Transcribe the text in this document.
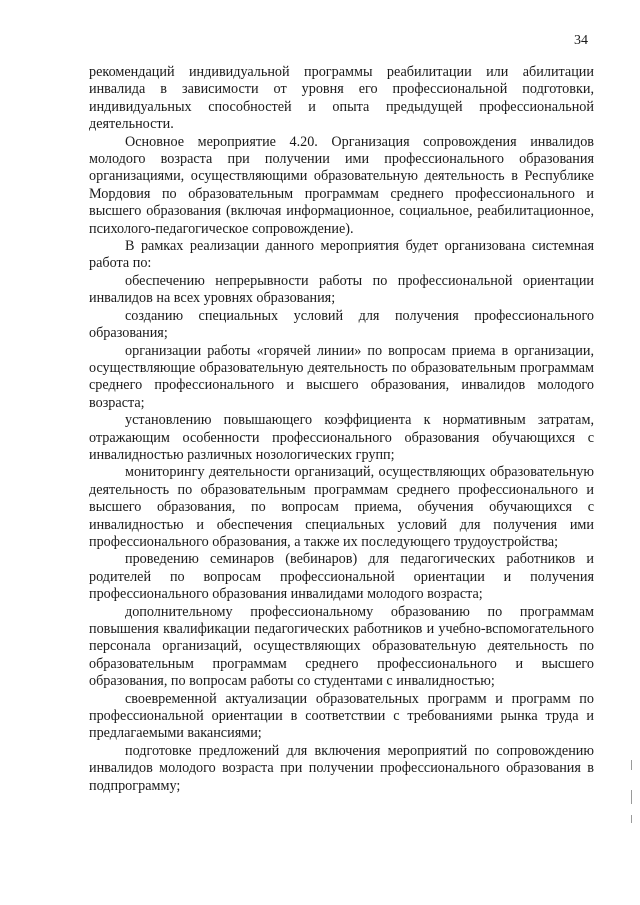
34

рекомендаций индивидуальной программы реабилитации или абилитации инвалида в зависимости от уровня его профессиональной подготовки, индивидуальных способностей и опыта предыдущей профессиональной деятельности.

Основное мероприятие 4.20. Организация сопровождения инвалидов молодого возраста при получении ими профессионального образования организациями, осуществляющими образовательную деятельность в Республике Мордовия по образовательным программам среднего профессионального и высшего образования (включая информационное, социальное, реабилитационное, психолого-педагогическое сопровождение).

В рамках реализации данного мероприятия будет организована системная работа по:

обеспечению непрерывности работы по профессиональной ориентации инвалидов на всех уровнях образования;

созданию специальных условий для получения профессионального образования;

организации работы «горячей линии» по вопросам приема в организации, осуществляющие образовательную деятельность по образовательным программам среднего профессионального и высшего образования, инвалидов молодого возраста;

установлению повышающего коэффициента к нормативным затратам, отражающим особенности профессионального образования обучающихся с инвалидностью различных нозологических групп;

мониторингу деятельности организаций, осуществляющих образовательную деятельность по образовательным программам среднего профессионального и высшего образования, по вопросам приема, обучения обучающихся с инвалидностью и обеспечения специальных условий для получения ими профессионального образования, а также их последующего трудоустройства;

проведению семинаров (вебинаров) для педагогических работников и родителей по вопросам профессиональной ориентации и получения профессионального образования инвалидами молодого возраста;

дополнительному профессиональному образованию по программам повышения квалификации педагогических работников и учебно-вспомогательного персонала организаций, осуществляющих образовательную деятельность по образовательным программам среднего профессионального и высшего образования, по вопросам работы со студентами с инвалидностью;

своевременной актуализации образовательных программ и программ по профессиональной ориентации в соответствии с требованиями рынка труда и предлагаемыми вакансиями;

подготовке предложений для включения мероприятий по сопровождению инвалидов молодого возраста при получении профессионального образования в подпрограмму;
